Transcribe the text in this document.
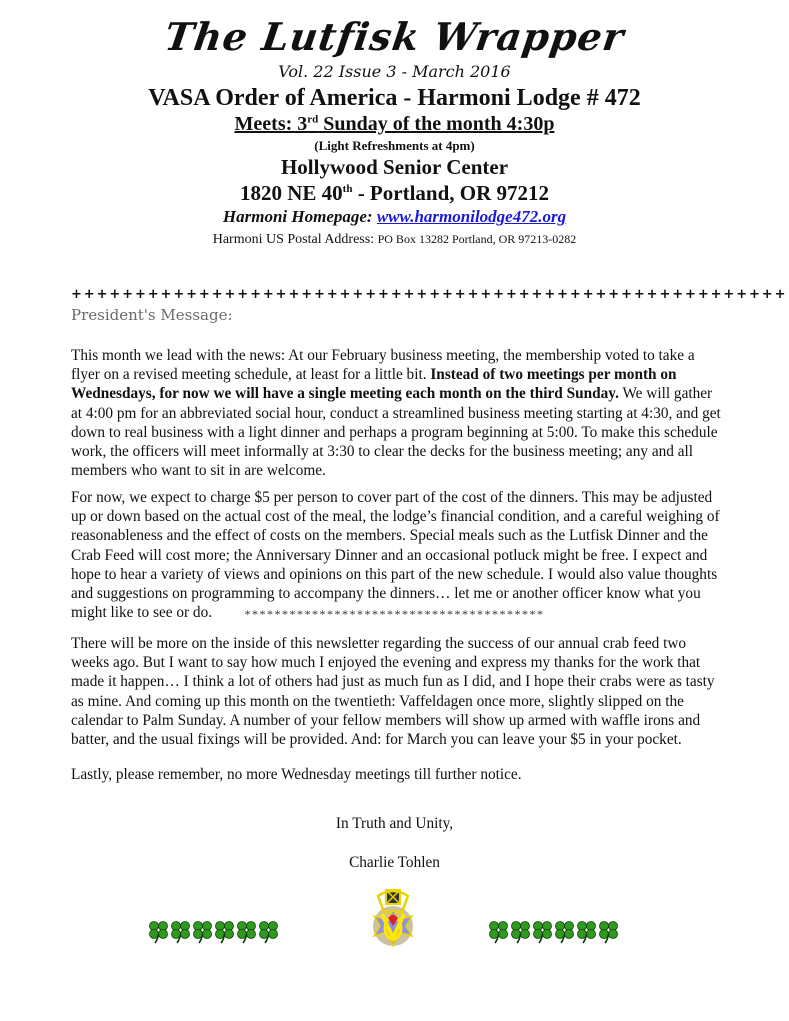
The Lutfisk Wrapper
Vol. 22 Issue 3 - March 2016
VASA Order of America - Harmoni Lodge # 472
Meets: 3rd Sunday of the month 4:30p
(Light Refreshments at 4pm)
Hollywood Senior Center
1820 NE 40th - Portland, OR 97212
Harmoni Homepage: www.harmonilodge472.org
Harmoni US Postal Address: PO Box 13282 Portland, OR 97213-0282
++++++++++++++++++++++++++++++++++++++++++++++++++++++++
President's Message:
This month we lead with the news: At our February business meeting, the membership voted to take a flyer on a revised meeting schedule, at least for a little bit. Instead of two meetings per month on Wednesdays, for now we will have a single meeting each month on the third Sunday. We will gather at 4:00 pm for an abbreviated social hour, conduct a streamlined business meeting starting at 4:30, and get down to real business with a light dinner and perhaps a program beginning at 5:00. To make this schedule work, the officers will meet informally at 3:30 to clear the decks for the business meeting; any and all members who want to sit in are welcome.
For now, we expect to charge $5 per person to cover part of the cost of the dinners. This may be adjusted up or down based on the actual cost of the meal, the lodge’s financial condition, and a careful weighing of reasonableness and the effect of costs on the members. Special meals such as the Lutfisk Dinner and the Crab Feed will cost more; the Anniversary Dinner and an occasional potluck might be free. I expect and hope to hear a variety of views and opinions on this part of the new schedule. I would also value thoughts and suggestions on programming to accompany the dinners… let me or another officer know what you might like to see or do.	****************************************
There will be more on the inside of this newsletter regarding the success of our annual crab feed two weeks ago. But I want to say how much I enjoyed the evening and express my thanks for the work that made it happen… I think a lot of others had just as much fun as I did, and I hope their crabs were as tasty as mine. And coming up this month on the twentieth: Vaffeldagen once more, slightly slipped on the calendar to Palm Sunday. A number of your fellow members will show up armed with waffle irons and batter, and the usual fixings will be provided. And: for March you can leave your $5 in your pocket.
Lastly, please remember, no more Wednesday meetings till further notice.
In Truth and Unity,
Charlie Tohlen
